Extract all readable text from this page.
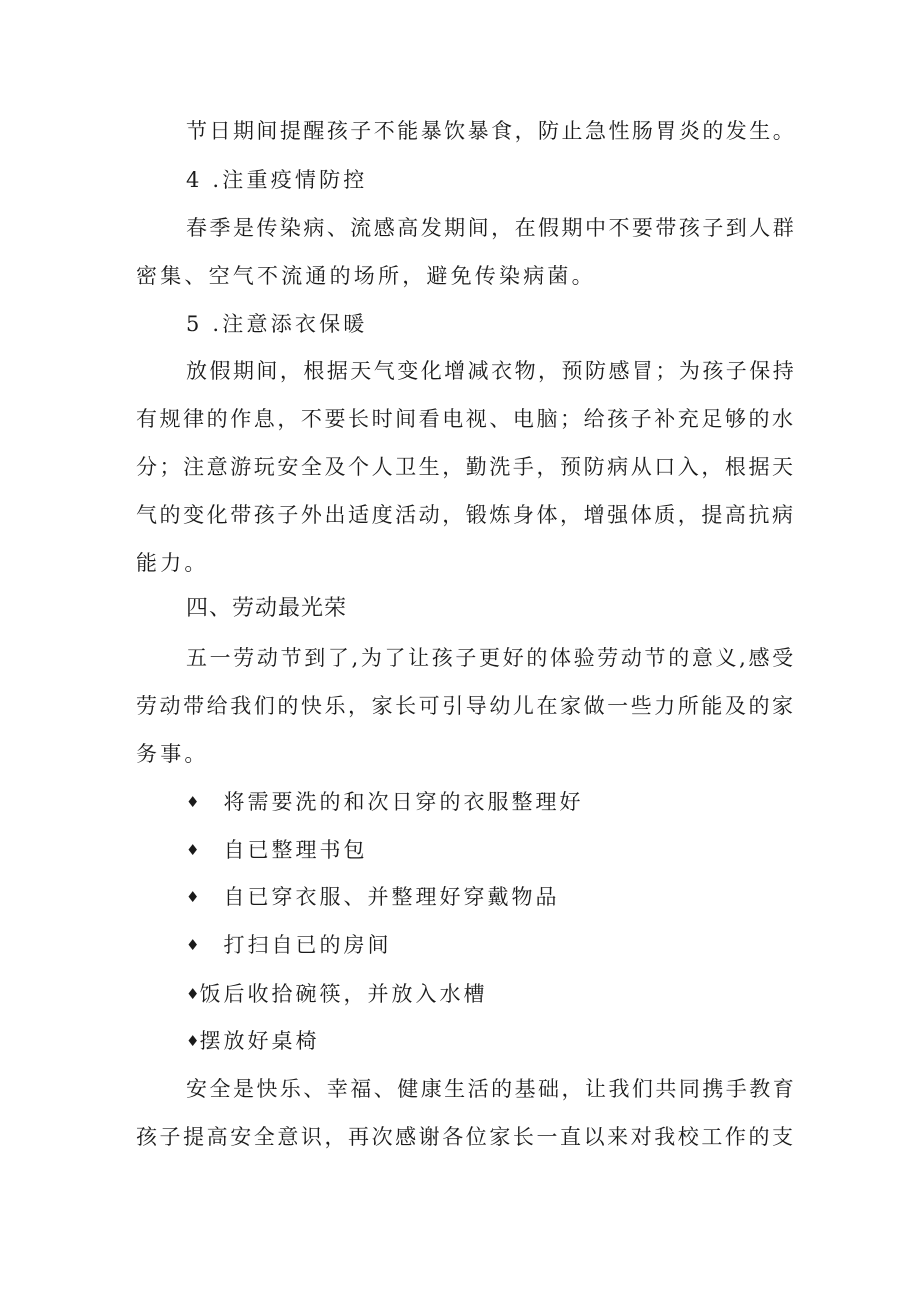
节日期间提醒孩子不能暴饮暴食，防止急性肠胃炎的发生。
4 .注重疫情防控
春季是传染病、流感高发期间，在假期中不要带孩子到人群
密集、空气不流通的场所，避免传染病菌。
5 .注意添衣保暖
放假期间，根据天气变化增减衣物，预防感冒；为孩子保持
有规律的作息，不要长时间看电视、电脑；给孩子补充足够的水
分；注意游玩安全及个人卫生，勤洗手，预防病从口入，根据天
气的变化带孩子外出适度活动，锻炼身体，增强体质，提高抗病
能力。
四、劳动最光荣
五一劳动节到了,为了让孩子更好的体验劳动节的意义,感受
劳动带给我们的快乐，家长可引导幼儿在家做一些力所能及的家
务事。
♦ 将需要洗的和次日穿的衣服整理好
♦ 自已整理书包
♦ 自已穿衣服、并整理好穿戴物品
♦ 打扫自已的房间
♦饭后收拾碗筷，并放入水槽
♦摆放好桌椅
安全是快乐、幸福、健康生活的基础，让我们共同携手教育
孩子提高安全意识，再次感谢各位家长一直以来对我校工作的支
